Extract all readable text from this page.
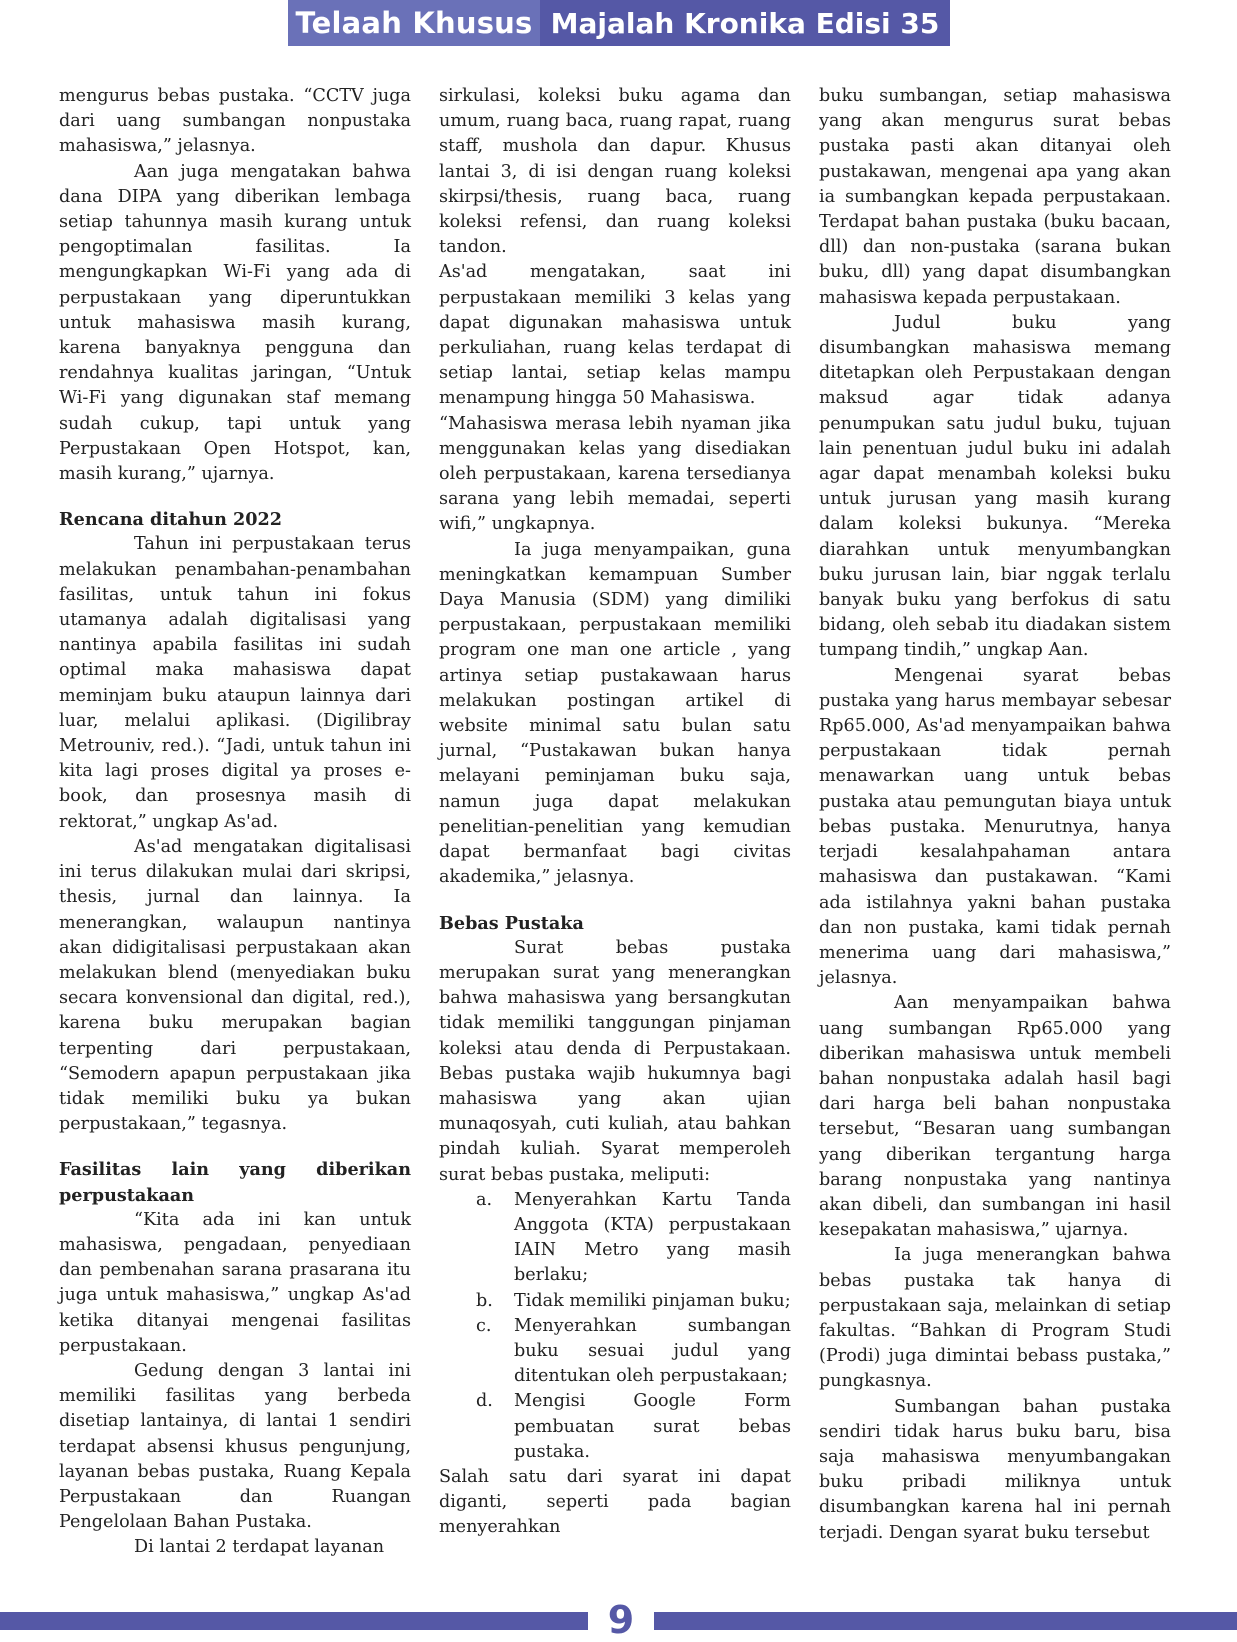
Telaah Khusus Majalah Kronika Edisi 35

mengurus bebas pustaka. “CCTV juga dari uang sumbangan nonpustaka mahasiswa,” jelasnya.

Aan juga mengatakan bahwa dana DIPA yang diberikan lembaga setiap tahunnya masih kurang untuk pengoptimalan fasilitas. Ia mengungkapkan Wi-Fi yang ada di perpustakaan yang diperuntukkan untuk mahasiswa masih kurang, karena banyaknya pengguna dan rendahnya kualitas jaringan, “Untuk Wi-Fi yang digunakan staf memang sudah cukup, tapi untuk yang Perpustakaan Open Hotspot, kan, masih kurang,” ujarnya.

Rencana ditahun 2022

Tahun ini perpustakaan terus melakukan penambahan-penambahan fasilitas, untuk tahun ini fokus utamanya adalah digitalisasi yang nantinya apabila fasilitas ini sudah optimal maka mahasiswa dapat meminjam buku ataupun lainnya dari luar, melalui aplikasi. (Digilibray Metrouniv, red.). “Jadi, untuk tahun ini kita lagi proses digital ya proses e-book, dan prosesnya masih di rektorat,” ungkap As'ad.

As'ad mengatakan digitalisasi ini terus dilakukan mulai dari skripsi, thesis, jurnal dan lainnya. Ia menerangkan, walaupun nantinya akan didigitalisasi perpustakaan akan melakukan blend (menyediakan buku secara konvensional dan digital, red.), karena buku merupakan bagian terpenting dari perpustakaan, “Semodern apapun perpustakaan jika tidak memiliki buku ya bukan perpustakaan,” tegasnya.

Fasilitas lain yang diberikan perpustakaan

“Kita ada ini kan untuk mahasiswa, pengadaan, penyediaan dan pembenahan sarana prasarana itu juga untuk mahasiswa,” ungkap As'ad ketika ditanyai mengenai fasilitas perpustakaan.

Gedung dengan 3 lantai ini memiliki fasilitas yang berbeda disetiap lantainya, di lantai 1 sendiri terdapat absensi khusus pengunjung, layanan bebas pustaka, Ruang Kepala Perpustakaan dan Ruangan Pengelolaan Bahan Pustaka.

Di lantai 2 terdapat layanan

sirkulasi, koleksi buku agama dan umum, ruang baca, ruang rapat, ruang staff, mushola dan dapur. Khusus lantai 3, di isi dengan ruang koleksi skirpsi/thesis, ruang baca, ruang koleksi refensi, dan ruang koleksi tandon.

As'ad mengatakan, saat ini perpustakaan memiliki 3 kelas yang dapat digunakan mahasiswa untuk perkuliahan, ruang kelas terdapat di setiap lantai, setiap kelas mampu menampung hingga 50 Mahasiswa.

“Mahasiswa merasa lebih nyaman jika menggunakan kelas yang disediakan oleh perpustakaan, karena tersedianya sarana yang lebih memadai, seperti wifi,” ungkapnya.

Ia juga menyampaikan, guna meningkatkan kemampuan Sumber Daya Manusia (SDM) yang dimiliki perpustakaan, perpustakaan memiliki program one man one article , yang artinya setiap pustakawaan harus melakukan postingan artikel di website minimal satu bulan satu jurnal, “Pustakawan bukan hanya melayani peminjaman buku saja, namun juga dapat melakukan penelitian-penelitian yang kemudian dapat bermanfaat bagi civitas akademika,” jelasnya.

Bebas Pustaka

Surat bebas pustaka merupakan surat yang menerangkan bahwa mahasiswa yang bersangkutan tidak memiliki tanggungan pinjaman koleksi atau denda di Perpustakaan. Bebas pustaka wajib hukumnya bagi mahasiswa yang akan ujian munaqosyah, cuti kuliah, atau bahkan pindah kuliah. Syarat memperoleh surat bebas pustaka, meliputi:

a. Menyerahkan Kartu Tanda Anggota (KTA) perpustakaan IAIN Metro yang masih berlaku;
b. Tidak memiliki pinjaman buku;
c. Menyerahkan sumbangan buku sesuai judul yang ditentukan oleh perpustakaan;
d. Mengisi Google Form pembuatan surat bebas pustaka.

Salah satu dari syarat ini dapat diganti, seperti pada bagian menyerahkan

buku sumbangan, setiap mahasiswa yang akan mengurus surat bebas pustaka pasti akan ditanyai oleh pustakawan, mengenai apa yang akan ia sumbangkan kepada perpustakaan. Terdapat bahan pustaka (buku bacaan, dll) dan non-pustaka (sarana bukan buku, dll) yang dapat disumbangkan mahasiswa kepada perpustakaan.

Judul buku yang disumbangkan mahasiswa memang ditetapkan oleh Perpustakaan dengan maksud agar tidak adanya penumpukan satu judul buku, tujuan lain penentuan judul buku ini adalah agar dapat menambah koleksi buku untuk jurusan yang masih kurang dalam koleksi bukunya. “Mereka diarahkan untuk menyumbangkan buku jurusan lain, biar nggak terlalu banyak buku yang berfokus di satu bidang, oleh sebab itu diadakan sistem tumpang tindih,” ungkap Aan.

Mengenai syarat bebas pustaka yang harus membayar sebesar Rp65.000, As'ad menyampaikan bahwa perpustakaan tidak pernah menawarkan uang untuk bebas pustaka atau pemungutan biaya untuk bebas pustaka. Menurutnya, hanya terjadi kesalahpahaman antara mahasiswa dan pustakawan. “Kami ada istilahnya yakni bahan pustaka dan non pustaka, kami tidak pernah menerima uang dari mahasiswa,” jelasnya.

Aan menyampaikan bahwa uang sumbangan Rp65.000 yang diberikan mahasiswa untuk membeli bahan nonpustaka adalah hasil bagi dari harga beli bahan nonpustaka tersebut, “Besaran uang sumbangan yang diberikan tergantung harga barang nonpustaka yang nantinya akan dibeli, dan sumbangan ini hasil kesepakatan mahasiswa,” ujarnya.

Ia juga menerangkan bahwa bebas pustaka tak hanya di perpustakaan saja, melainkan di setiap fakultas. “Bahkan di Program Studi (Prodi) juga dimintai bebass pustaka,” pungkasnya.

Sumbangan bahan pustaka sendiri tidak harus buku baru, bisa saja mahasiswa menyumbangakan buku pribadi miliknya untuk disumbangkan karena hal ini pernah terjadi. Dengan syarat buku tersebut

9
